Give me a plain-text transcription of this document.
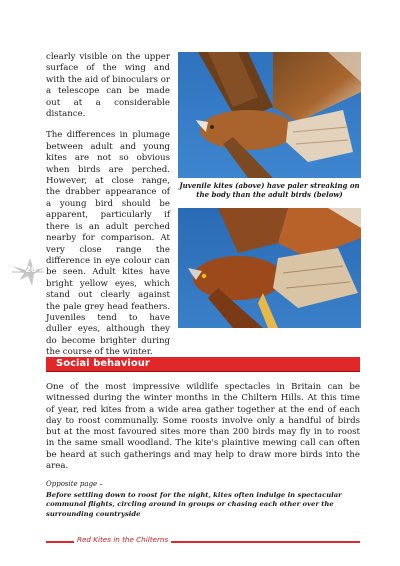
clearly visible on the upper surface of the wing and with the aid of binoculars or a telescope can be made out at a considerable distance.

The differences in plumage between adult and young kites are not so obvious when birds are perched. However, at close range, the drabber appearance of a young bird should be apparent, particularly if there is an adult perched nearby for comparison. At very close range the difference in eye colour can be seen. Adult kites have bright yellow eyes, which stand out clearly against the pale grey head feathers. Juveniles tend to have duller eyes, although they do become brighter during the course of the winter.

Juvenile kites (above) have paler streaking on the body than the adult birds (below)
20
Social behaviour

One of the most impressive wildlife spectacles in Britain can be witnessed during the winter months in the Chiltern Hills. At this time of year, red kites from a wide area gather together at the end of each day to roost communally. Some roosts involve only a handful of birds but at the most favoured sites more than 200 birds may fly in to roost in the same small woodland. The kite's plaintive mewing call can often be heard at such gatherings and may help to draw more birds into the area.

Opposite page –
Before settling down to roost for the night, kites often indulge in spectacular communal flights, circling around in groups or chasing each other over the surrounding countryside
Red Kites in the Chilterns
